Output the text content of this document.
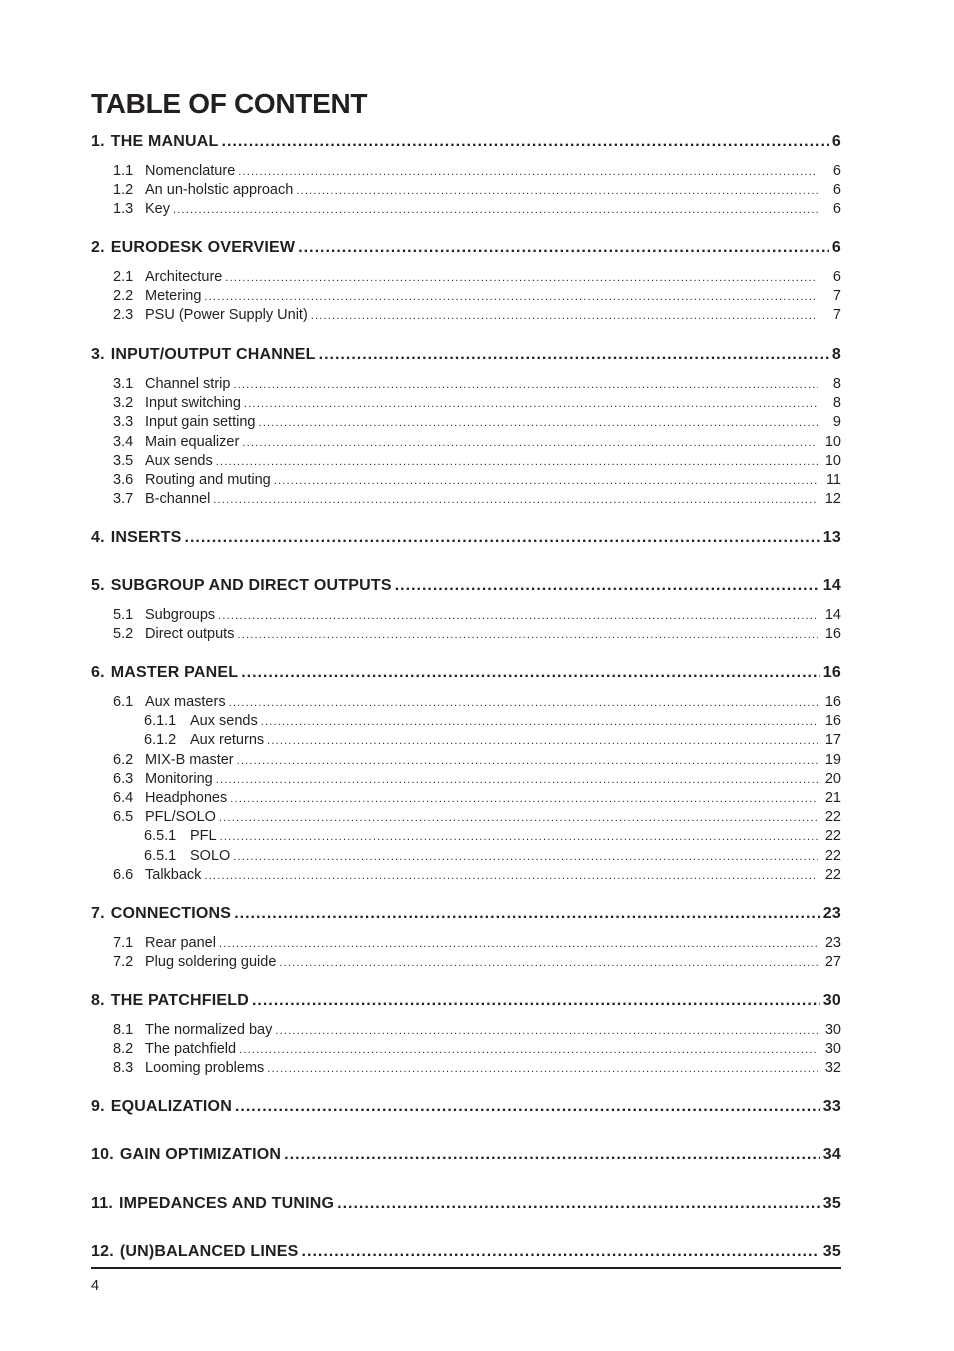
TABLE OF CONTENT
1. THE MANUAL .....	6
1.1 Nomenclature .....	6
1.2 An un-holstic approach .....	6
1.3 Key .....	6
2. EURODESK OVERVIEW .....	6
2.1 Architecture .....	6
2.2 Metering .....	7
2.3 PSU (Power Supply Unit) .....	7
3. INPUT/OUTPUT CHANNEL .....	8
3.1 Channel strip .....	8
3.2 Input switching .....	8
3.3 Input gain setting .....	9
3.4 Main equalizer .....	10
3.5 Aux sends .....	10
3.6 Routing and muting .....	11
3.7 B-channel .....	12
4. INSERTS .....	13
5. SUBGROUP AND DIRECT OUTPUTS .....	14
5.1 Subgroups .....	14
5.2 Direct outputs .....	16
6. MASTER PANEL .....	16
6.1 Aux masters .....	16
6.1.1 Aux sends .....	16
6.1.2 Aux returns .....	17
6.2 MIX-B master .....	19
6.3 Monitoring .....	20
6.4 Headphones .....	21
6.5 PFL/SOLO .....	22
6.5.1 PFL .....	22
6.5.1 SOLO .....	22
6.6 Talkback .....	22
7. CONNECTIONS .....	23
7.1 Rear panel .....	23
7.2 Plug soldering guide .....	27
8. THE PATCHFIELD .....	30
8.1 The normalized bay .....	30
8.2 The patchfield .....	30
8.3 Looming problems .....	32
9. EQUALIZATION .....	33
10. GAIN OPTIMIZATION .....	34
11. IMPEDANCES AND TUNING .....	35
12. (UN)BALANCED LINES .....	35
4
